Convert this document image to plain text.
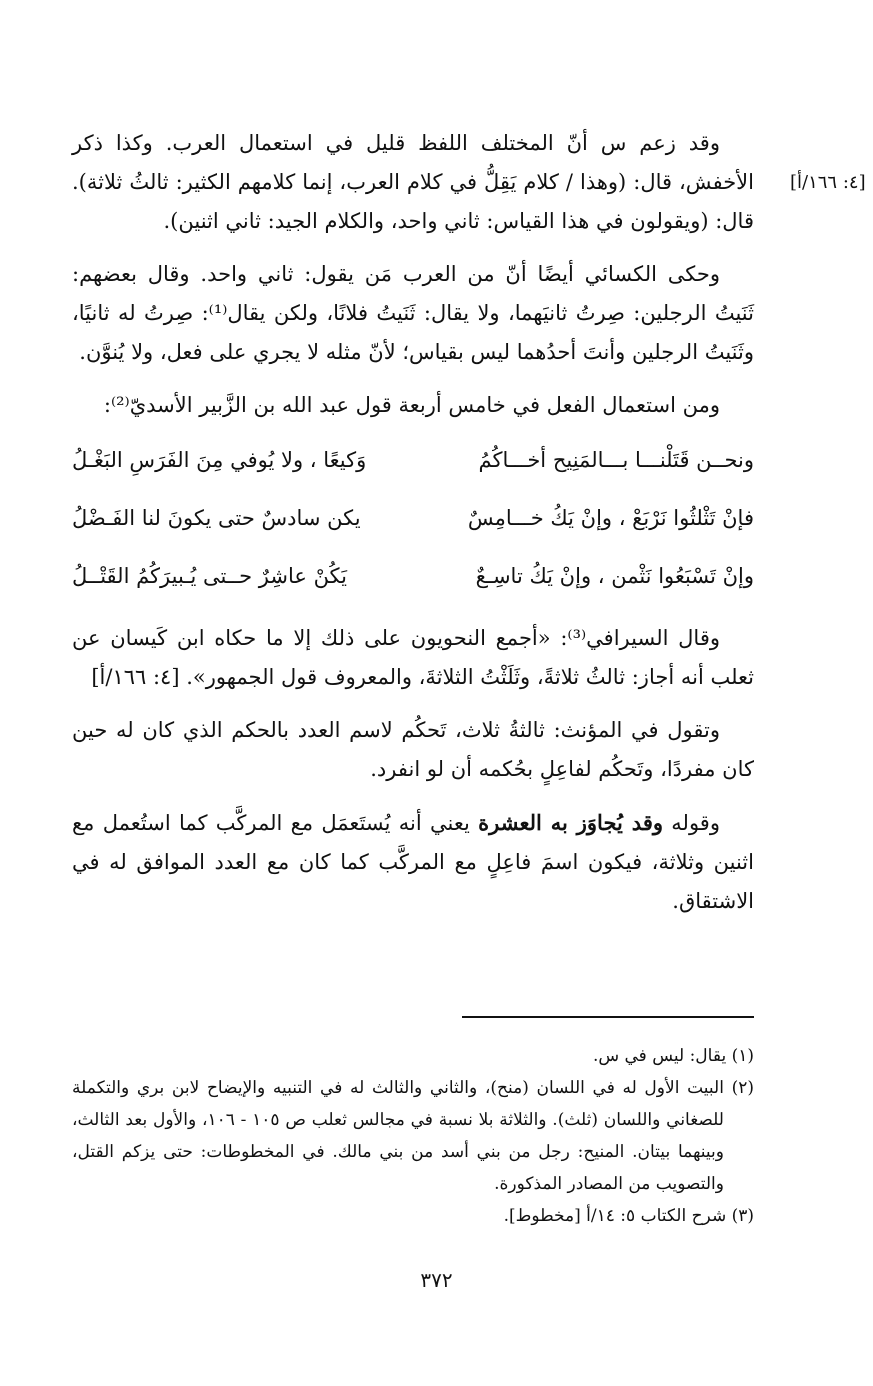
[٤: ١٦٦/أ]

وقد زعم س أنّ المختلف اللفظ قليل في استعمال العرب. وكذا ذكر الأخفش، قال: (وهذا / كلام يَقِلُّ في كلام العرب، إنما كلامهم الكثير: ثالثُ ثلاثة). قال: (ويقولون في هذا القياس: ثاني واحد، والكلام الجيد: ثاني اثنين).

وحكى الكسائي أيضًا أنّ من العرب مَن يقول: ثاني واحد. وقال بعضهم: ثَنَيتُ الرجلين: صِرتُ ثانيَهما، ولا يقال: ثَنَيتُ فلانًا، ولكن يقال⁽¹⁾: صِرتُ له ثانيًا، وثَنَيتُ الرجلين وأنتَ أحدُهما ليس بقياس؛ لأنّ مثله لا يجري على فعل، ولا يُنوَّن.

ومن استعمال الفعل في خامس أربعة قول عبد الله بن الزَّبير الأسديّ⁽²⁾:

ونحــن قَتَلْنـــا بـــالمَنِيح أخـــاكُمُ
وَكيعًا ، ولا يُوفي مِنَ الفَرَسِ البَغْـلُ
فإنْ تَثْلثُوا نَرْبَعْ ، وإنْ يَكُ خـــامِسٌ
يكن سادسٌ حتى يكونَ لنا الفَـضْلُ
وإنْ تَسْبَعُوا نَثْمن ، وإنْ يَكُ تاسِـعٌ
يَكُنْ عاشِرٌ حــتى يُـبيرَكُمُ القَتْــلُ

وقال السيرافي⁽³⁾: «أجمع النحويون على ذلك إلا ما حكاه ابن كَيسان عن ثعلب أنه أجاز: ثالثُ ثلاثةً، وثَلَثْتُ الثلاثةَ، والمعروف قول الجمهور». [٤: ١٦٦/أ]

وتقول في المؤنث: ثالثةُ ثلاث، تَحكُم لاسم العدد بالحكم الذي كان له حين كان مفردًا، وتَحكُم لفاعِلٍ بحُكمه أن لو انفرد.

وقوله وقد يُجاوَز به العشرة يعني أنه يُستَعمَل مع المركَّب كما استُعمل مع اثنين وثلاثة، فيكون اسمَ فاعِلٍ مع المركَّب كما كان مع العدد الموافق له في الاشتقاق.

(١) يقال: ليس في س.

(٢) البيت الأول له في اللسان (منح)، والثاني والثالث له في التنبيه والإيضاح لابن بري والتكملة للصغاني واللسان (ثلث). والثلاثة بلا نسبة في مجالس ثعلب ص ١٠٥ - ١٠٦، والأول بعد الثالث، وبينهما بيتان. المنيح: رجل من بني أسد من بني مالك. في المخطوطات: حتى يزكم القتل، والتصويب من المصادر المذكورة.

(٣) شرح الكتاب ٥: ١٤/أ [مخطوط].

٣٧٢
